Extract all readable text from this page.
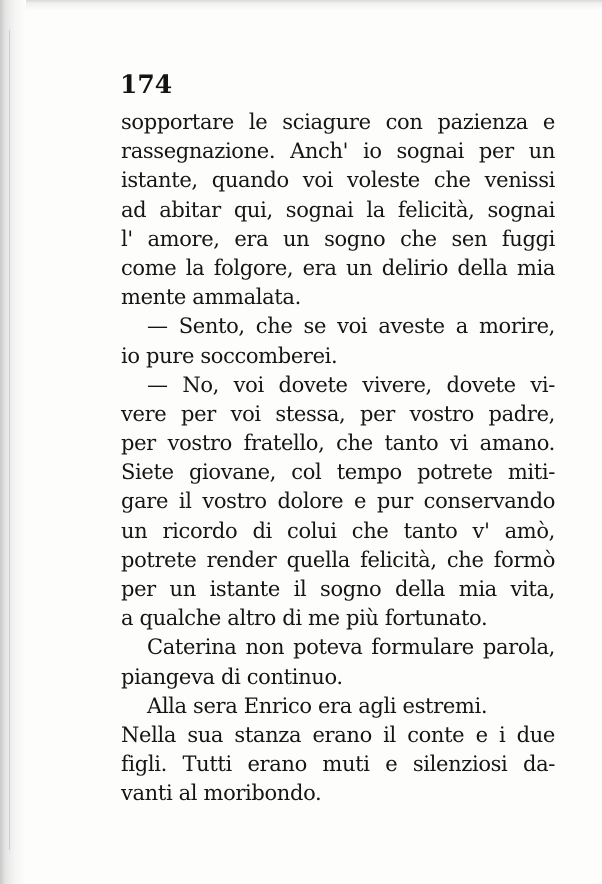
174

sopportare le sciagure con pazienza e
rassegnazione. Anch' io sognai per un
istante, quando voi voleste che venissi
ad abitar qui, sognai la felicità, sognai
l' amore, era un sogno che sen fuggi
come la folgore, era un delirio della mia
mente ammalata.
— Sento, che se voi aveste a morire,
io pure soccomberei.
— No, voi dovete vivere, dovete vi-
vere per voi stessa, per vostro padre,
per vostro fratello, che tanto vi amano.
Siete giovane, col tempo potrete miti-
gare il vostro dolore e pur conservando
un ricordo di colui che tanto v' amò,
potrete render quella felicità, che formò
per un istante il sogno della mia vita,
a qualche altro di me più fortunato.
Caterina non poteva formulare parola,
piangeva di continuo.
Alla sera Enrico era agli estremi.
Nella sua stanza erano il conte e i due
figli. Tutti erano muti e silenziosi da-
vanti al moribondo.
